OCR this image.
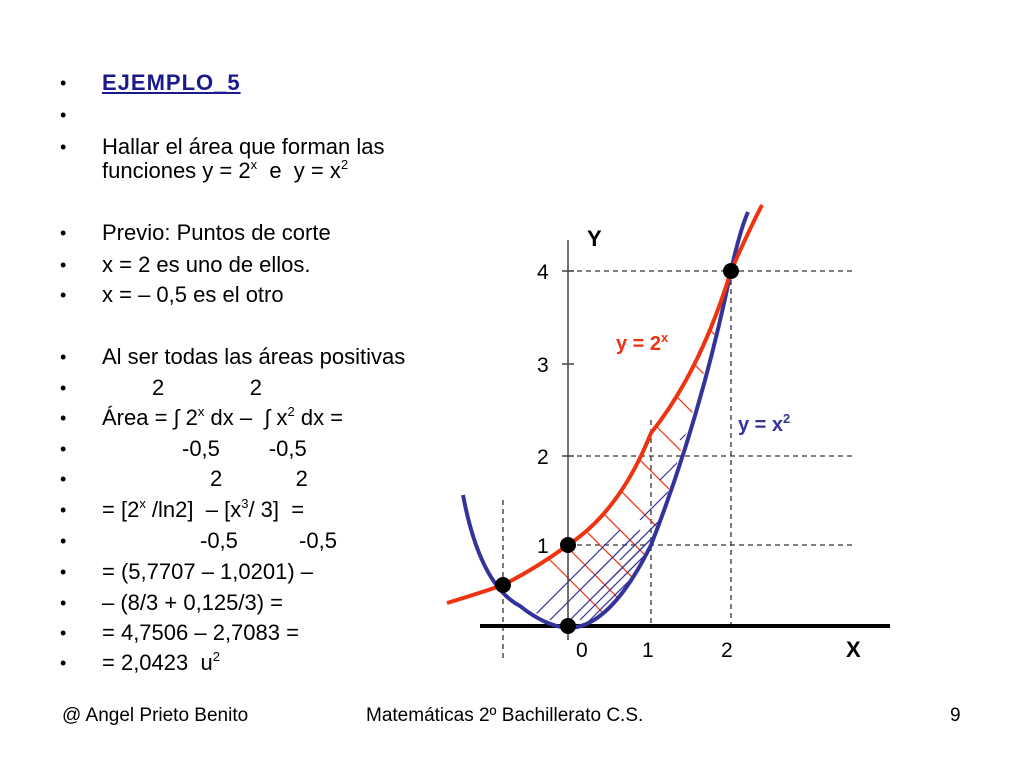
•

EJEMPLO_5

•

•

Hallar el área que forman las

funciones $y = 2^x$  e  $y = x^2$

•

Previo: Puntos de corte

•

x = 2 es uno de ellos.

•

x = – 0,5 es el otro

•

Al ser todas las áreas positivas

•

	2              2

•

Área = ∫ 2$^x$ dx –  ∫ $x^2$ dx =

•

	-0,5        -0,5

•

	2            2

•

= [$2^x$ $/\ln 2] - [x^3/$ 3]  =

•

	-0,5          -0,5

•

= (5,7707 – 1,0201) –

•

– (8/3 + 0,125/3) =

•

= 4,7506 – 2,7083 =

•

= 2,0423  $u^2$

Y
X
1
2
3
4
0	1	2
$y = 2^x$
$y = x^2$
@ Angel Prieto Benito	Matemáticas 2º Bachillerato C.S.	9
